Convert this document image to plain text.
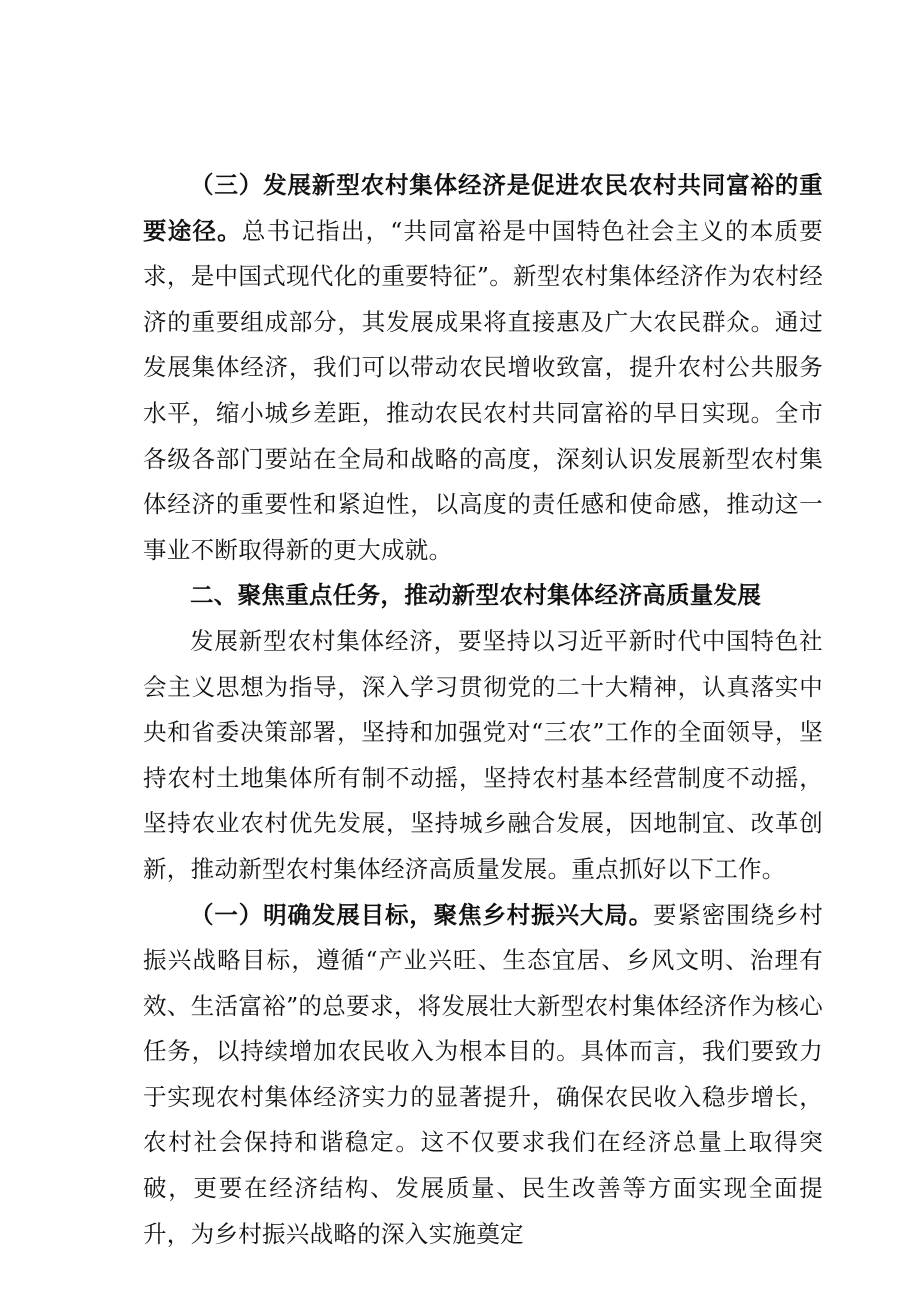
（三）发展新型农村集体经济是促进农民农村共同富裕的重要途径。总书记指出，“共同富裕是中国特色社会主义的本质要求，是中国式现代化的重要特征”。新型农村集体经济作为农村经济的重要组成部分，其发展成果将直接惠及广大农民群众。通过发展集体经济，我们可以带动农民增收致富，提升农村公共服务水平，缩小城乡差距，推动农民农村共同富裕的早日实现。全市各级各部门要站在全局和战略的高度，深刻认识发展新型农村集体经济的重要性和紧迫性，以高度的责任感和使命感，推动这一事业不断取得新的更大成就。

二、聚焦重点任务，推动新型农村集体经济高质量发展

发展新型农村集体经济，要坚持以习近平新时代中国特色社会主义思想为指导，深入学习贯彻党的二十大精神，认真落实中央和省委决策部署，坚持和加强党对“三农”工作的全面领导，坚持农村土地集体所有制不动摇，坚持农村基本经营制度不动摇，坚持农业农村优先发展，坚持城乡融合发展，因地制宜、改革创新，推动新型农村集体经济高质量发展。重点抓好以下工作。

（一）明确发展目标，聚焦乡村振兴大局。要紧密围绕乡村振兴战略目标，遵循“产业兴旺、生态宜居、乡风文明、治理有效、生活富裕”的总要求，将发展壮大新型农村集体经济作为核心任务，以持续增加农民收入为根本目的。具体而言，我们要致力于实现农村集体经济实力的显著提升，确保农民收入稳步增长，农村社会保持和谐稳定。这不仅要求我们在经济总量上取得突破，更要在经济结构、发展质量、民生改善等方面实现全面提升，为乡村振兴战略的深入实施奠定
